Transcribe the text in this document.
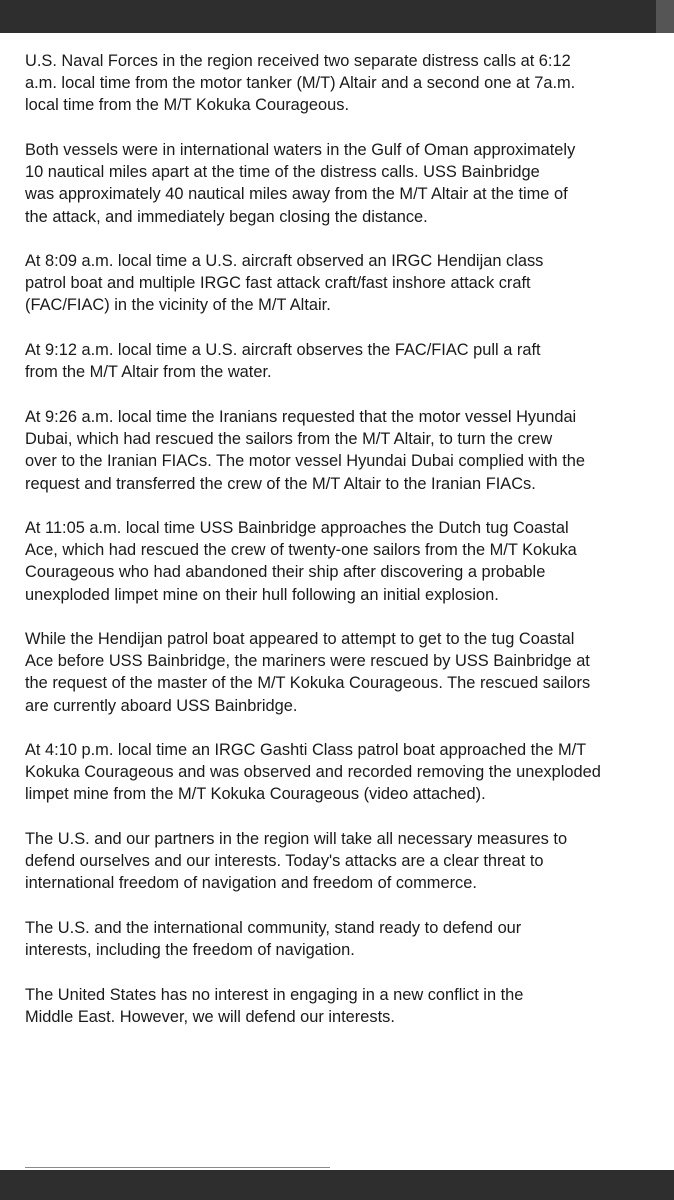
U.S. Naval Forces in the region received two separate distress calls at 6:12
a.m. local time from the motor tanker (M/T) Altair and a second one at 7a.m.
local time from the M/T Kokuka Courageous.

Both vessels were in international waters in the Gulf of Oman approximately
10 nautical miles apart at the time of the distress calls. USS Bainbridge
was approximately 40 nautical miles away from the M/T Altair at the time of
the attack, and immediately began closing the distance.

At 8:09 a.m. local time a U.S. aircraft observed an IRGC Hendijan class
patrol boat and multiple IRGC fast attack craft/fast inshore attack craft
(FAC/FIAC) in the vicinity of the M/T Altair.

At 9:12 a.m. local time a U.S. aircraft observes the FAC/FIAC pull a raft
from the M/T Altair from the water.

At 9:26 a.m. local time the Iranians requested that the motor vessel Hyundai
Dubai, which had rescued the sailors from the M/T Altair, to turn the crew
over to the Iranian FIACs. The motor vessel Hyundai Dubai complied with the
request and transferred the crew of the M/T Altair to the Iranian FIACs.

At 11:05 a.m. local time USS Bainbridge approaches the Dutch tug Coastal
Ace, which had rescued the crew of twenty-one sailors from the M/T Kokuka
Courageous who had abandoned their ship after discovering a probable
unexploded limpet mine on their hull following an initial explosion.

While the Hendijan patrol boat appeared to attempt to get to the tug Coastal
Ace before USS Bainbridge, the mariners were rescued by USS Bainbridge at
the request of the master of the M/T Kokuka Courageous. The rescued sailors
are currently aboard USS Bainbridge.

At 4:10 p.m. local time an IRGC Gashti Class patrol boat approached the M/T
Kokuka Courageous and was observed and recorded removing the unexploded
limpet mine from the M/T Kokuka Courageous (video attached).

The U.S. and our partners in the region will take all necessary measures to
defend ourselves and our interests. Today's attacks are a clear threat to
international freedom of navigation and freedom of commerce.

The U.S. and the international community, stand ready to defend our
interests, including the freedom of navigation.

The United States has no interest in engaging in a new conflict in the
Middle East. However, we will defend our interests.
